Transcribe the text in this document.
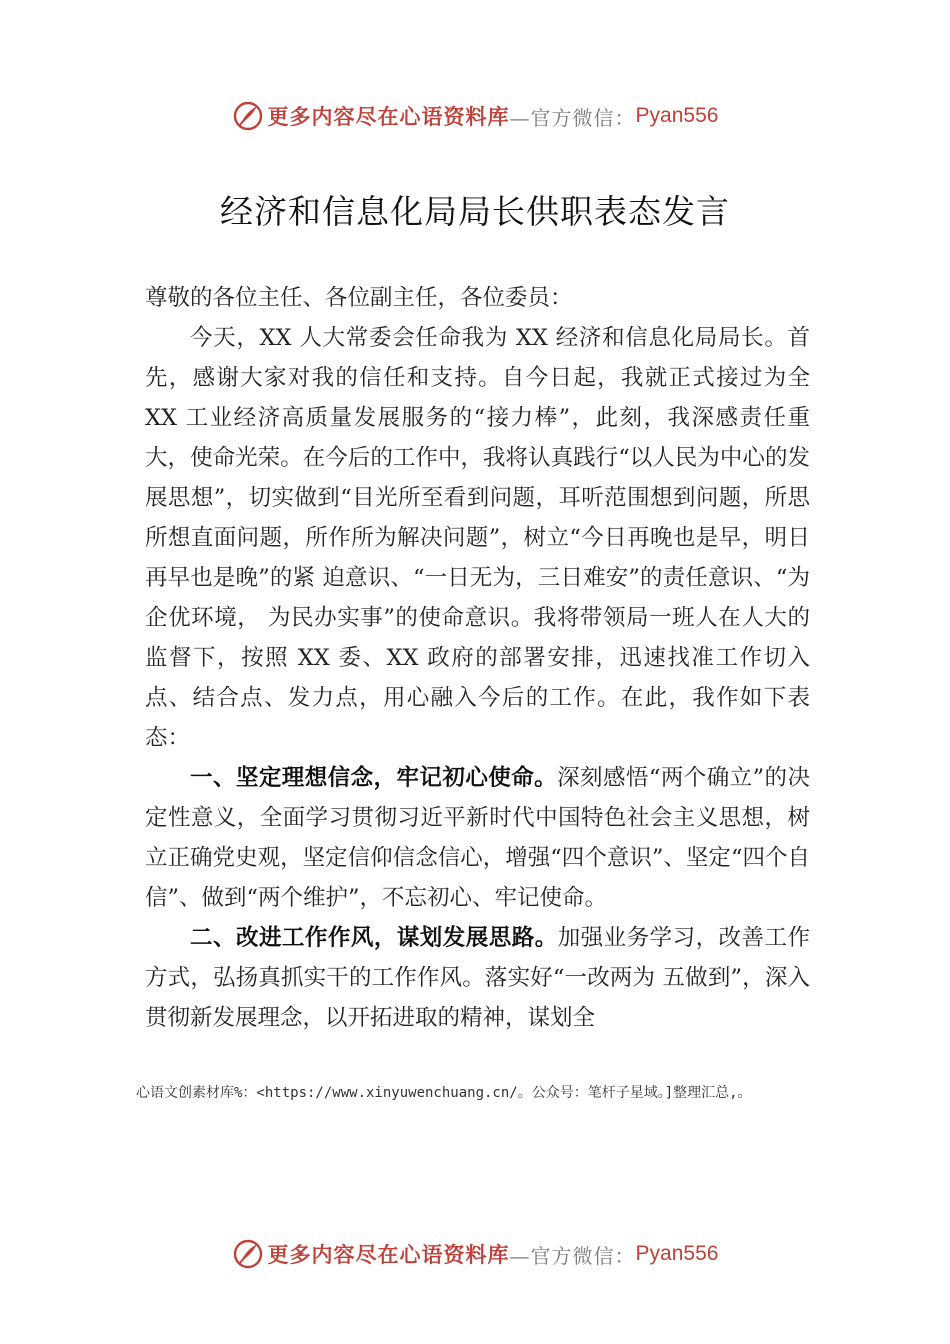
更多内容尽在心语资料库 —官方微信： Pyan556
经济和信息化局局长供职表态发言

尊敬的各位主任、各位副主任，各位委员：

今天，XX 人大常委会任命我为 XX 经济和信息化局局长。首先，感谢大家对我的信任和支持。自今日起，我就正式接过为全 XX 工业经济高质量发展服务的“接力棒”，此刻，我深感责任重大，使命光荣。在今后的工作中，我将认真践行“以人民为中心的发展思想”，切实做到“目光所至看到问题，耳听范围想到问题，所思所想直面问题，所作所为解决问题”，树立“今日再晚也是早，明日再早也是晚”的紧 迫意识、“一日无为，三日难安”的责任意识、“为企优环境， 为民办实事”的使命意识。我将带领局一班人在人大的监督下，按照 XX 委、XX 政府的部署安排，迅速找准工作切入点、结合点、发力点，用心融入今后的工作。在此，我作如下表态：

一、坚定理想信念，牢记初心使命。深刻感悟“两个确立”的决定性意义，全面学习贯彻习近平新时代中国特色社会主义思想，树立正确党史观，坚定信仰信念信心，增强“四个意识”、坚定“四个自信”、做到“两个维护”，不忘初心、牢记使命。

二、改进工作作风，谋划发展思路。加强业务学习，改善工作方式，弘扬真抓实干的工作作风。落实好“一改两为 五做到”，深入贯彻新发展理念，以开拓进取的精神，谋划全

心语文创素材库%：<https://www.xinyuwenchuang.cn/。公众号：笔杆子星域。]整理汇总,。
更多内容尽在心语资料库 —官方微信： Pyan556
